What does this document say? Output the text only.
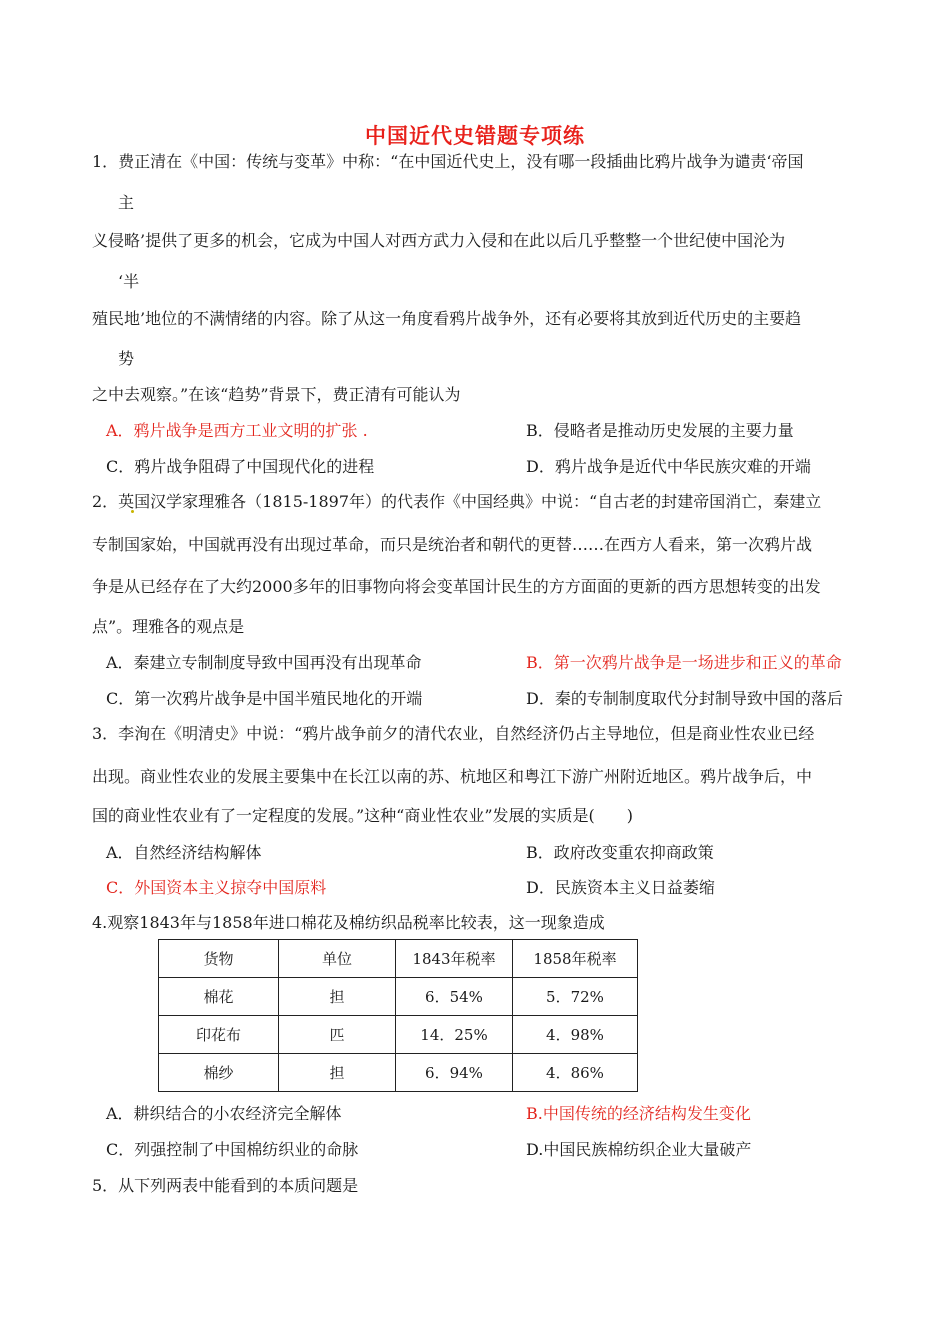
中国近代史错题专项练
1．费正清在《中国：传统与变革》中称：“在中国近代史上，没有哪一段插曲比鸦片战争为谴责‘帝国
主
义侵略’提供了更多的机会，它成为中国人对西方武力入侵和在此以后几乎整整一个世纪使中国沦为
‘半
殖民地’地位的不满情绪的内容。除了从这一角度看鸦片战争外，还有必要将其放到近代历史的主要趋
势
之中去观察。”在该“趋势”背景下，费正清有可能认为
A．鸦片战争是西方工业文明的扩张 .	B．侵略者是推动历史发展的主要力量
C．鸦片战争阻碍了中国现代化的进程	D．鸦片战争是近代中华民族灾难的开端
2．英国汉学家理雅各（1815-1897年）的代表作《中国经典》中说：“自古老的封建帝国消亡，秦建立
专制国家始，中国就再没有出现过革命，而只是统治者和朝代的更替……在西方人看来，第一次鸦片战
争是从已经存在了大约2000多年的旧事物向将会变革国计民生的方方面面的更新的西方思想转变的出发
点”。理雅各的观点是
A．秦建立专制制度导致中国再没有出现革命	B．第一次鸦片战争是一场进步和正义的革命
C．第一次鸦片战争是中国半殖民地化的开端	D．秦的专制制度取代分封制导致中国的落后
3．李洵在《明清史》中说：“鸦片战争前夕的清代农业，自然经济仍占主导地位，但是商业性农业已经
出现。商业性农业的发展主要集中在长江以南的苏、杭地区和粤江下游广州附近地区。鸦片战争后，中
国的商业性农业有了一定程度的发展。”这种“商业性农业”发展的实质是(　　)
A．自然经济结构解体	B．政府改变重农抑商政策
C．外国资本主义掠夺中国原料	D．民族资本主义日益萎缩
4.观察1843年与1858年进口棉花及棉纺织品税率比较表，这一现象造成
货物	单位	1843年税率	1858年税率
棉花	担	6．54%	5．72%
印花布	匹	14．25%	4．98%
棉纱	担	6．94%	4．86%
A．耕织结合的小农经济完全解体	B.中国传统的经济结构发生变化
C．列强控制了中国棉纺织业的命脉	D.中国民族棉纺织企业大量破产
5．从下列两表中能看到的本质问题是
